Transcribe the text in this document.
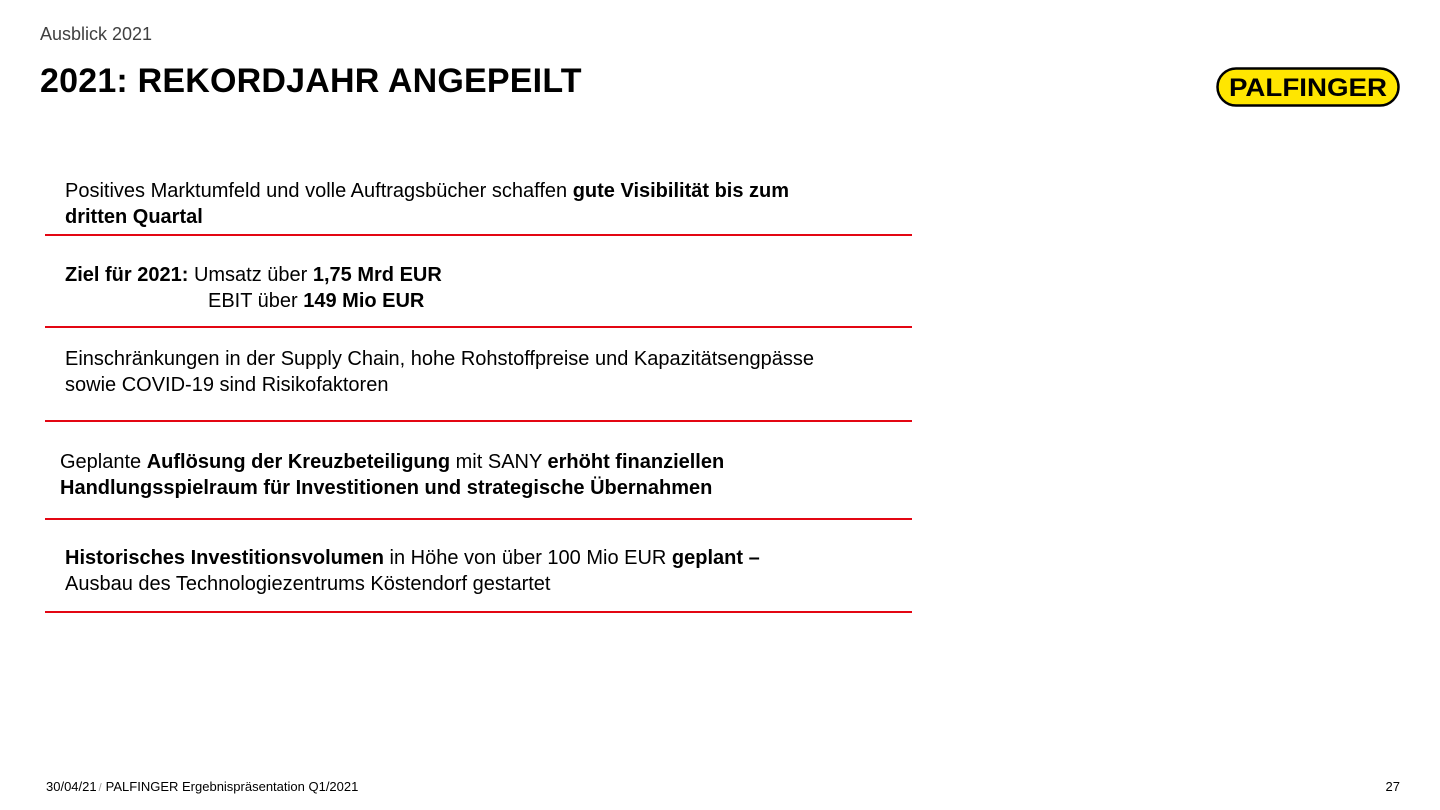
Ausblick 2021
2021: REKORDJAHR ANGEPEILT	PALFINGER
Positives Marktumfeld und volle Auftragsbücher schaffen gute Visibilität bis zum
dritten Quartal
Ziel für 2021: Umsatz über 1,75 Mrd EUR
EBIT über 149 Mio EUR
Einschränkungen in der Supply Chain, hohe Rohstoffpreise und Kapazitätsengpässe
sowie COVID-19 sind Risikofaktoren
Geplante Auflösung der Kreuzbeteiligung mit SANY erhöht finanziellen
Handlungsspielraum für Investitionen und strategische Übernahmen
Historisches Investitionsvolumen in Höhe von über 100 Mio EUR geplant –
Ausbau des Technologiezentrums Köstendorf gestartet
30/04/21 / PALFINGER Ergebnispräsentation Q1/2021	27
